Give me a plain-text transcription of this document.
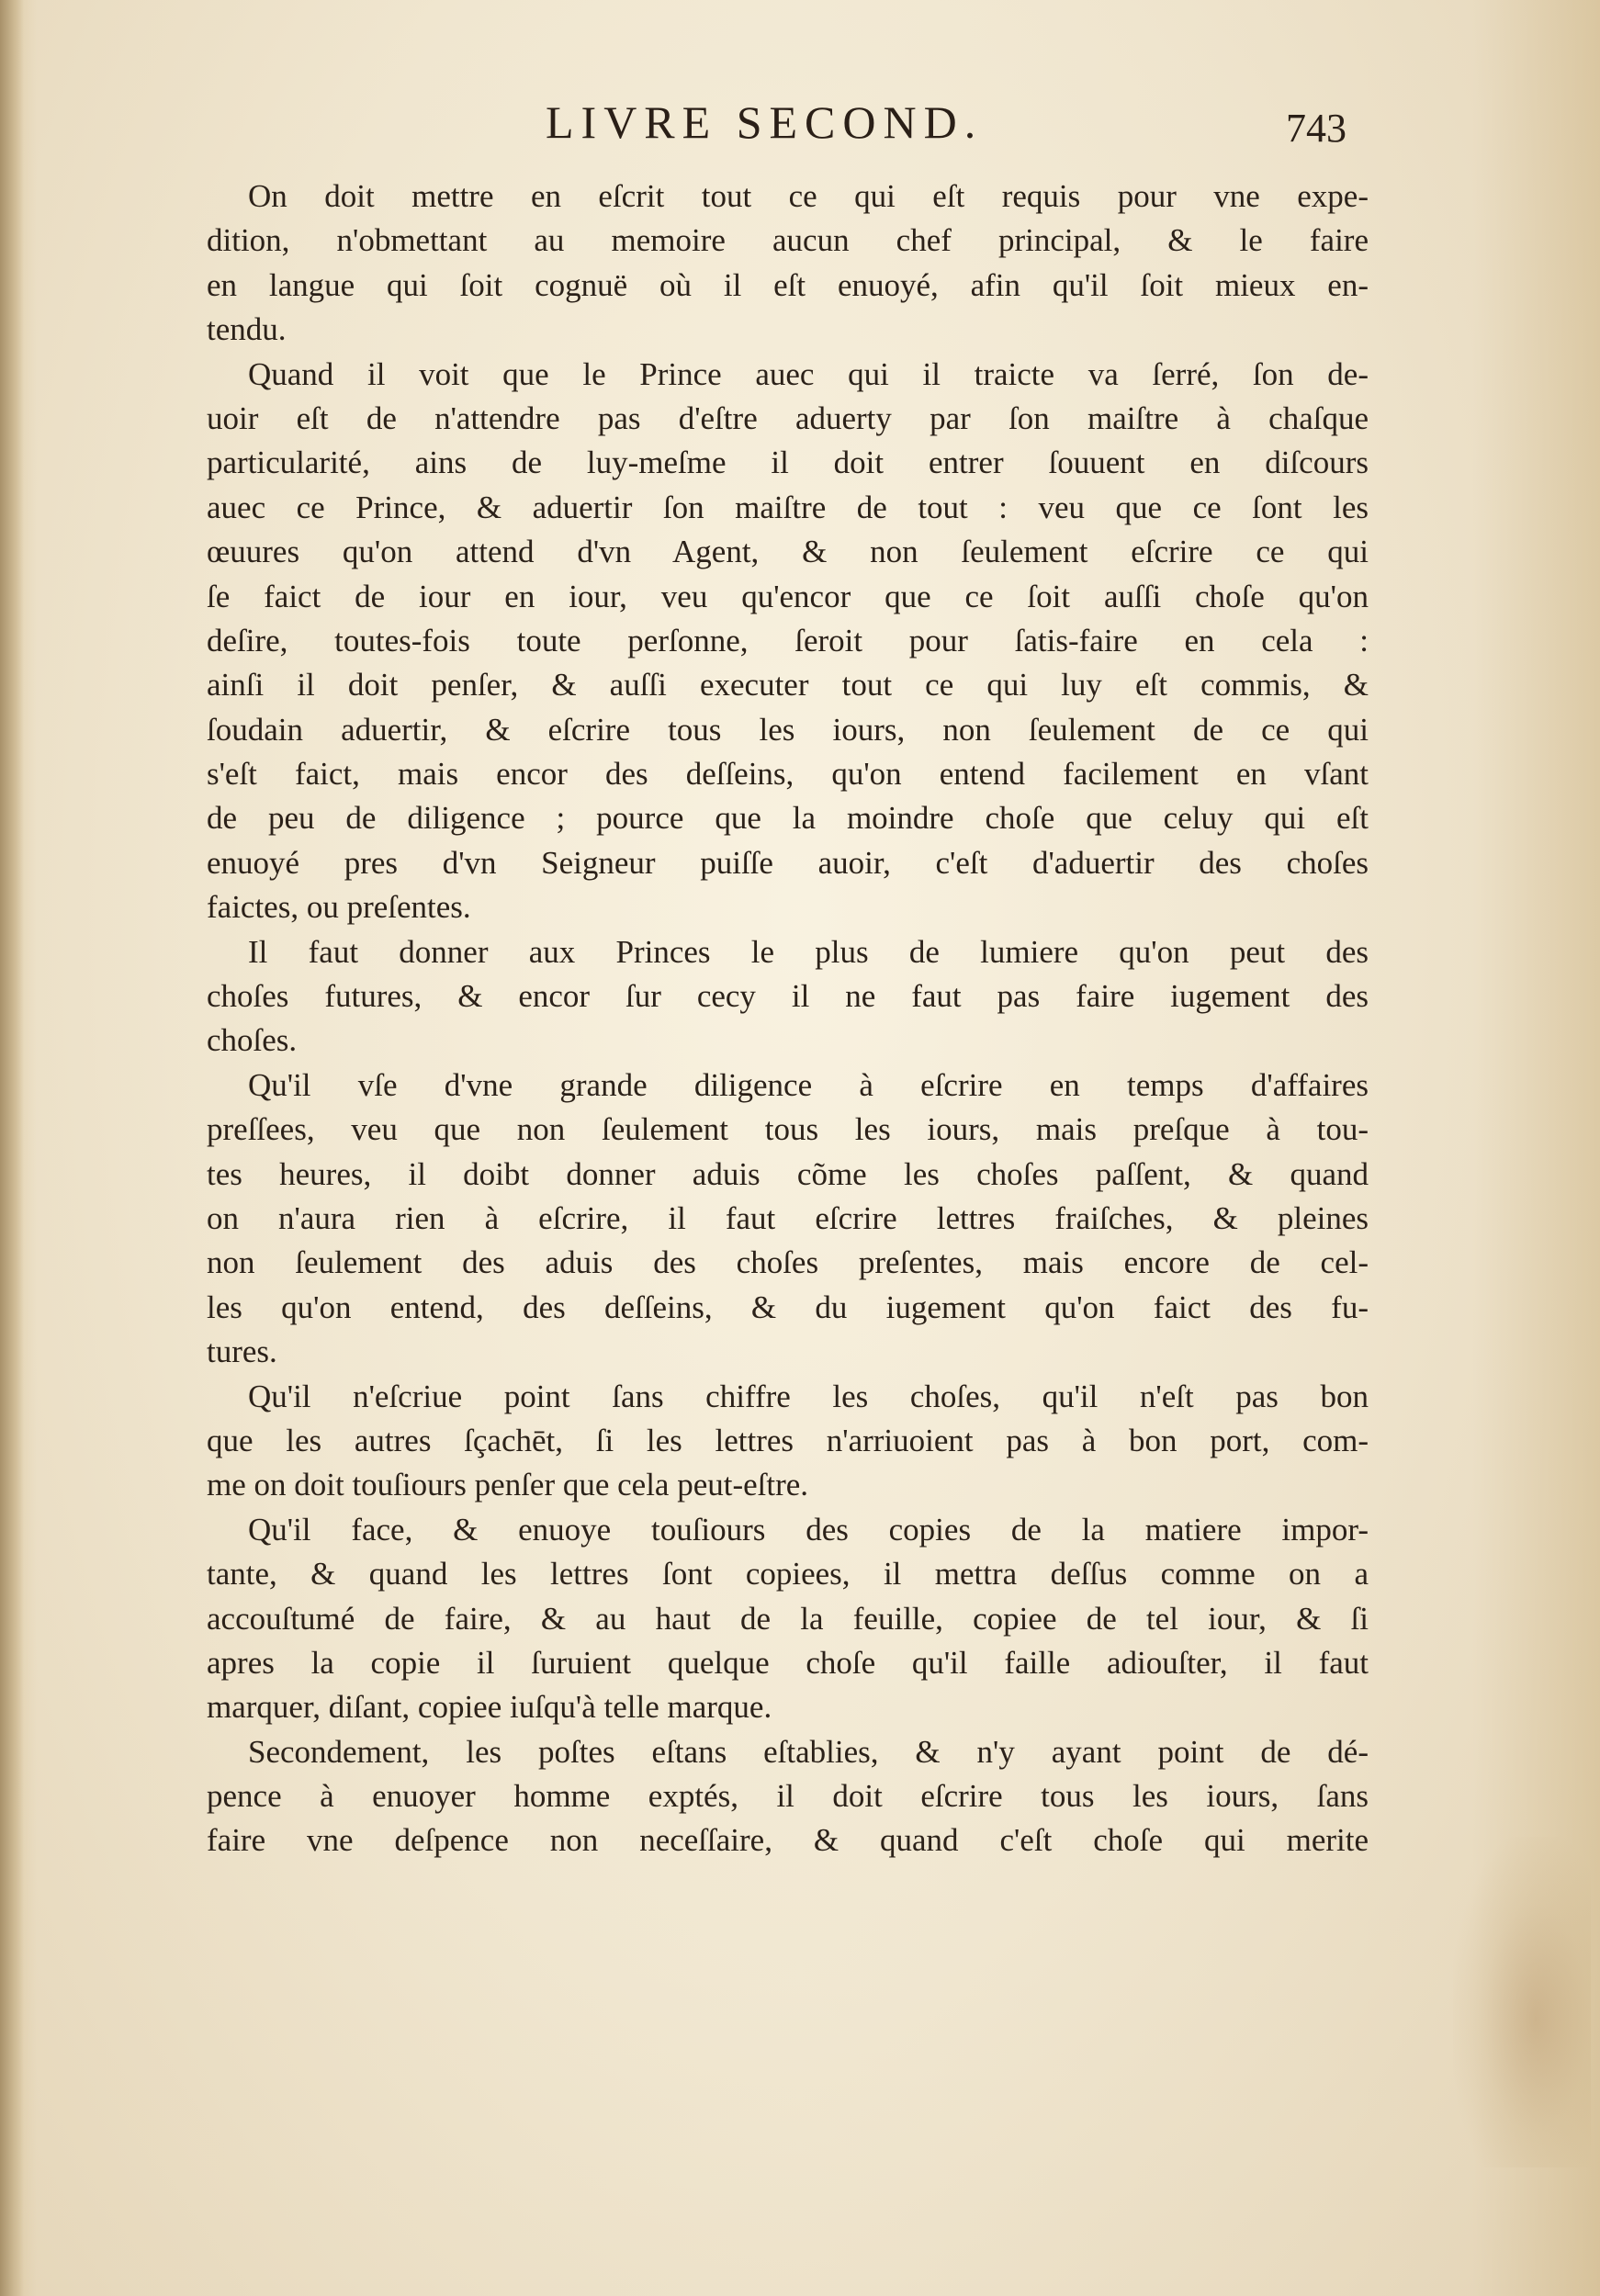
LIVRE SECOND.	743
On doit mettre en eſcrit tout ce qui eſt requis pour vne expe-
dition, n'obmettant au memoire aucun chef principal, & le faire
en langue qui ſoit cognuë où il eſt enuoyé, afin qu'il ſoit mieux en-
tendu.
Quand il voit que le Prince auec qui il traicte va ſerré, ſon de-
uoir eſt de n'attendre pas d'eſtre aduerty par ſon maiſtre à chaſque
particularité, ains de luy-meſme il doit entrer ſouuent en diſcours
auec ce Prince, & aduertir ſon maiſtre de tout : veu que ce ſont les
œuures qu'on attend d'vn Agent, & non ſeulement eſcrire ce qui
ſe faict de iour en iour, veu qu'encor que ce ſoit auſſi choſe qu'on
deſire, toutes-fois toute perſonne, ſeroit pour ſatis-faire en cela :
ainſi il doit penſer, & auſſi executer tout ce qui luy eſt commis, &
ſoudain aduertir, & eſcrire tous les iours, non ſeulement de ce qui
s'eſt faict, mais encor des deſſeins, qu'on entend facilement en vſant
de peu de diligence ; pource que la moindre choſe que celuy qui eſt
enuoyé pres d'vn Seigneur puiſſe auoir, c'eſt d'aduertir des choſes
faictes, ou preſentes.
Il faut donner aux Princes le plus de lumiere qu'on peut des
choſes futures, & encor ſur cecy il ne faut pas faire iugement des
choſes.
Qu'il vſe d'vne grande diligence à eſcrire en temps d'affaires
preſſees, veu que non ſeulement tous les iours, mais preſque à tou-
tes heures, il doibt donner aduis cõme les choſes paſſent, & quand
on n'aura rien à eſcrire, il faut eſcrire lettres fraiſches, & pleines
non ſeulement des aduis des choſes preſentes, mais encore de cel-
les qu'on entend, des deſſeins, & du iugement qu'on faict des fu-
tures.
Qu'il n'eſcriue point ſans chiffre les choſes, qu'il n'eſt pas bon
que les autres ſçachēt, ſi les lettres n'arriuoient pas à bon port, com-
me on doit touſiours penſer que cela peut-eſtre.
Qu'il face, & enuoye touſiours des copies de la matiere impor-
tante, & quand les lettres ſont copiees, il mettra deſſus comme on a
accouſtumé de faire, & au haut de la feuille, copiee de tel iour, & ſi
apres la copie il ſuruient quelque choſe qu'il faille adiouſter, il faut
marquer, diſant, copiee iuſqu'à telle marque.
Secondement, les poſtes eſtans eſtablies, & n'y ayant point de dé-
pence à enuoyer homme exptés, il doit eſcrire tous les iours, ſans
faire vne deſpence non neceſſaire, & quand c'eſt choſe qui merite
